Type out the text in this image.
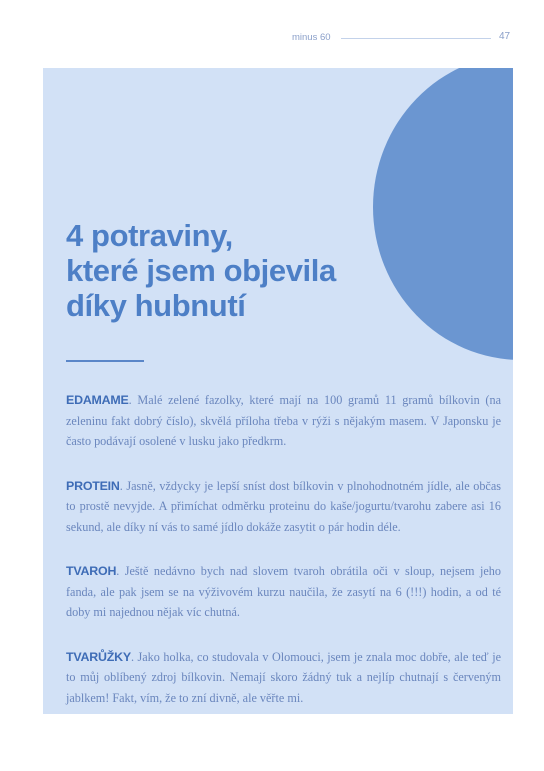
minus 60	47
4 potraviny,
které jsem objevila
díky hubnutí

EDAMAME. Malé zelené fazolky, které mají na 100 gramů 11 gramů bílkovin (na zeleninu fakt dobrý číslo), skvělá příloha třeba v rýži s nějakým masem. V Japonsku je často podávají osolené v lusku jako předkrm.

PROTEIN. Jasně, vždycky je lepší sníst dost bílkovin v plnohodnotném jídle, ale občas to prostě nevyjde. A přimíchat odměrku proteinu do kaše/jogurtu/tvarohu zabere asi 16 sekund, ale díky ní vás to samé jídlo dokáže zasytit o pár hodin déle.

TVAROH. Ještě nedávno bych nad slovem tvaroh obrátila oči v sloup, nejsem jeho fanda, ale pak jsem se na výživovém kurzu naučila, že zasytí na 6 (!!!) hodin, a od té doby mi najednou nějak víc chutná.

TVARŮŽKY. Jako holka, co studovala v Olomouci, jsem je znala moc dobře, ale teď je to můj oblíbený zdroj bílkovin. Nemají skoro žádný tuk a nejlíp chutnají s červeným jablkem! Fakt, vím, že to zní divně, ale věřte mi.
